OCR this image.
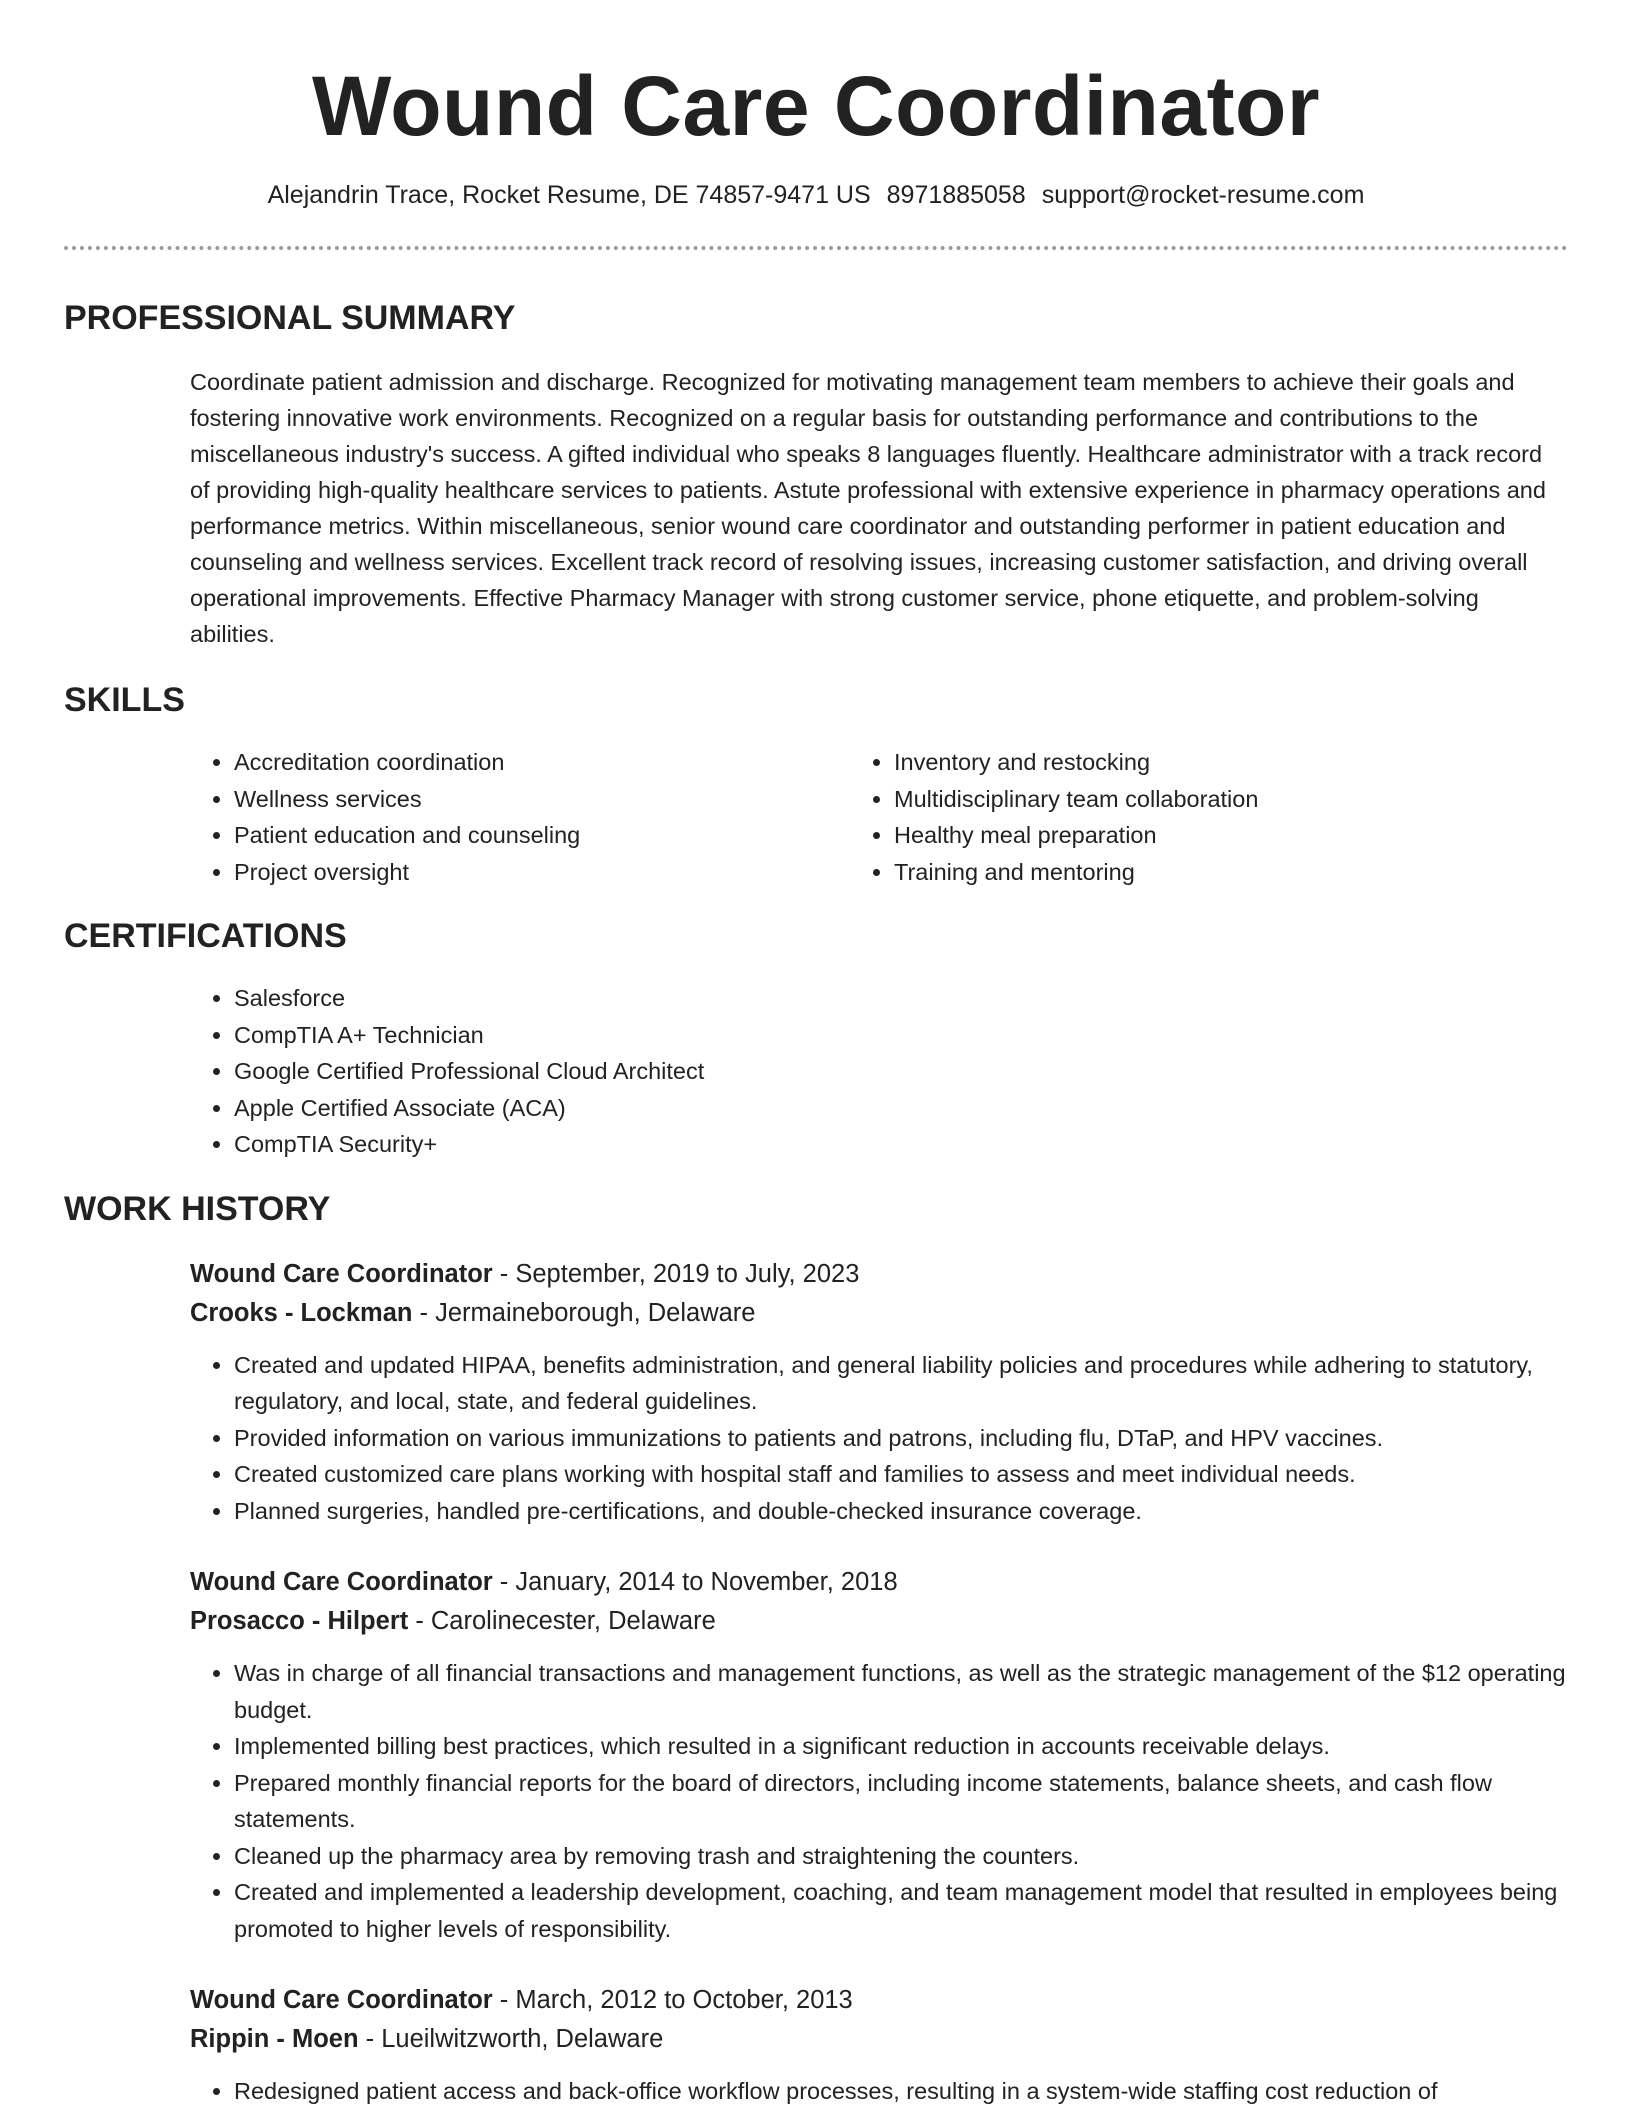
Wound Care Coordinator
Alejandrin Trace, Rocket Resume, DE 74857-9471 US 8971885058 support@rocket-resume.com
PROFESSIONAL SUMMARY

Coordinate patient admission and discharge. Recognized for motivating management team members to achieve their goals and fostering innovative work environments. Recognized on a regular basis for outstanding performance and contributions to the miscellaneous industry's success. A gifted individual who speaks 8 languages fluently. Healthcare administrator with a track record of providing high-quality healthcare services to patients. Astute professional with extensive experience in pharmacy operations and performance metrics. Within miscellaneous, senior wound care coordinator and outstanding performer in patient education and counseling and wellness services. Excellent track record of resolving issues, increasing customer satisfaction, and driving overall operational improvements. Effective Pharmacy Manager with strong customer service, phone etiquette, and problem-solving abilities.

SKILLS
• Accreditation coordination
• Wellness services
• Patient education and counseling
• Project oversight
• Inventory and restocking
• Multidisciplinary team collaboration
• Healthy meal preparation
• Training and mentoring
CERTIFICATIONS
• Salesforce
• CompTIA A+ Technician
• Google Certified Professional Cloud Architect
• Apple Certified Associate (ACA)
• CompTIA Security+
WORK HISTORY
Wound Care Coordinator - September, 2019 to July, 2023
Crooks - Lockman - Jermaineborough, Delaware
• Created and updated HIPAA, benefits administration, and general liability policies and procedures while adhering to statutory, regulatory, and local, state, and federal guidelines.
• Provided information on various immunizations to patients and patrons, including flu, DTaP, and HPV vaccines.
• Created customized care plans working with hospital staff and families to assess and meet individual needs.
• Planned surgeries, handled pre-certifications, and double-checked insurance coverage.
Wound Care Coordinator - January, 2014 to November, 2018
Prosacco - Hilpert - Carolinecester, Delaware
• Was in charge of all financial transactions and management functions, as well as the strategic management of the $12 operating budget.
• Implemented billing best practices, which resulted in a significant reduction in accounts receivable delays.
• Prepared monthly financial reports for the board of directors, including income statements, balance sheets, and cash flow statements.
• Cleaned up the pharmacy area by removing trash and straightening the counters.
• Created and implemented a leadership development, coaching, and team management model that resulted in employees being promoted to higher levels of responsibility.
Wound Care Coordinator - March, 2012 to October, 2013
Rippin - Moen - Lueilwitzworth, Delaware
• Redesigned patient access and back-office workflow processes, resulting in a system-wide staffing cost reduction of
